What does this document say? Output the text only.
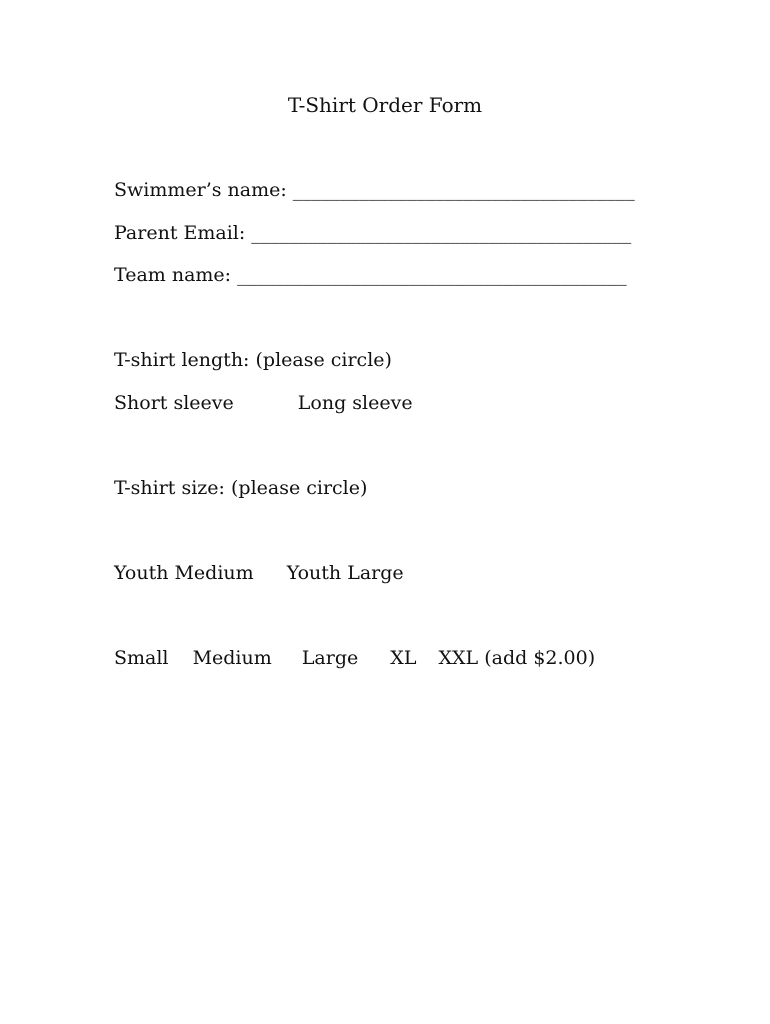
T-Shirt Order Form
Swimmer’s name: ____________________________________
Parent Email: ________________________________________
Team name: _________________________________________
T-shirt length: (please circle)
Short sleeve	Long sleeve
T-shirt size: (please circle)
Youth Medium Youth Large
Small Medium Large XL XXL (add $2.00)
